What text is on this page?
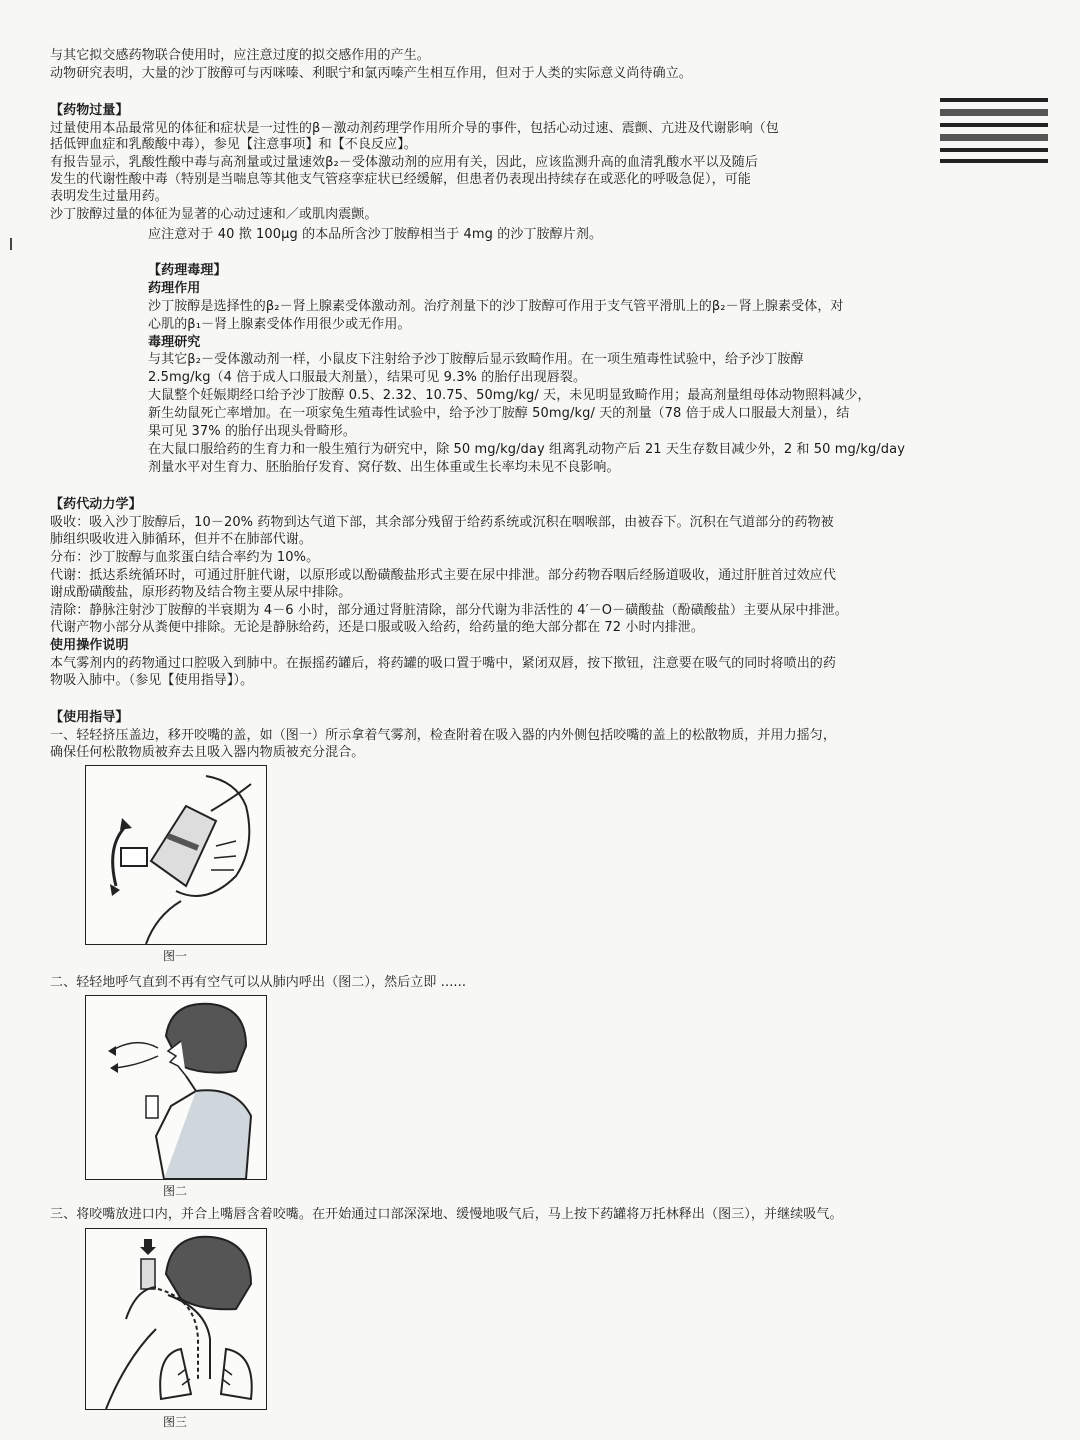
与其它拟交感药物联合使用时，应注意过度的拟交感作用的产生。
动物研究表明，大量的沙丁胺醇可与丙咪嗪、利眠宁和氯丙嗪产生相互作用，但对于人类的实际意义尚待确立。
【药物过量】
过量使用本品最常见的体征和症状是一过性的β－激动剂药理学作用所介导的事件，包括心动过速、震颤、亢进及代谢影响（包
括低钾血症和乳酸酸中毒），参见【注意事项】和【不良反应】。
有报告显示，乳酸性酸中毒与高剂量或过量速效β₂－受体激动剂的应用有关，因此，应该监测升高的血清乳酸水平以及随后
发生的代谢性酸中毒（特别是当喘息等其他支气管痉挛症状已经缓解，但患者仍表现出持续存在或恶化的呼吸急促），可能
表明发生过量用药。
沙丁胺醇过量的体征为显著的心动过速和／或肌肉震颤。
应注意对于 40 揿 100μg 的本品所含沙丁胺醇相当于 4mg 的沙丁胺醇片剂。
【药理毒理】
药理作用
沙丁胺醇是选择性的β₂－肾上腺素受体激动剂。治疗剂量下的沙丁胺醇可作用于支气管平滑肌上的β₂－肾上腺素受体，对
心肌的β₁－肾上腺素受体作用很少或无作用。
毒理研究
与其它β₂－受体激动剂一样，小鼠皮下注射给予沙丁胺醇后显示致畸作用。在一项生殖毒性试验中，给予沙丁胺醇
2.5mg/kg（4 倍于成人口服最大剂量），结果可见 9.3% 的胎仔出现唇裂。
大鼠整个妊娠期经口给予沙丁胺醇 0.5、2.32、10.75、50mg/kg/ 天，未见明显致畸作用；最高剂量组母体动物照料减少，
新生幼鼠死亡率增加。在一项家兔生殖毒性试验中，给予沙丁胺醇 50mg/kg/ 天的剂量（78 倍于成人口服最大剂量），结
果可见 37% 的胎仔出现头骨畸形。
在大鼠口服给药的生育力和一般生殖行为研究中，除 50 mg/kg/day 组离乳动物产后 21 天生存数目减少外，2 和 50 mg/kg/day
剂量水平对生育力、胚胎胎仔发育、窝仔数、出生体重或生长率均未见不良影响。
【药代动力学】
吸收：吸入沙丁胺醇后，10－20% 药物到达气道下部，其余部分残留于给药系统或沉积在咽喉部，由被吞下。沉积在气道部分的药物被
肺组织吸收进入肺循环，但并不在肺部代谢。
分布：沙丁胺醇与血浆蛋白结合率约为 10%。
代谢：抵达系统循环时，可通过肝脏代谢，以原形或以酚磺酸盐形式主要在尿中排泄。部分药物吞咽后经肠道吸收，通过肝脏首过效应代
谢成酚磺酸盐，原形药物及结合物主要从尿中排除。
清除：静脉注射沙丁胺醇的半衰期为 4－6 小时，部分通过肾脏清除，部分代谢为非活性的 4′－O－磺酸盐（酚磺酸盐）主要从尿中排泄。
代谢产物小部分从粪便中排除。无论是静脉给药，还是口服或吸入给药，给药量的绝大部分都在 72 小时内排泄。
使用操作说明
本气雾剂内的药物通过口腔吸入到肺中。在振摇药罐后，将药罐的吸口置于嘴中，紧闭双唇，按下揿钮，注意要在吸气的同时将喷出的药
物吸入肺中。（参见【使用指导】）。
【使用指导】
一、轻轻挤压盖边，移开咬嘴的盖，如（图一）所示拿着气雾剂，检查附着在吸入器的内外侧包括咬嘴的盖上的松散物质，并用力摇匀，
确保任何松散物质被弃去且吸入器内物质被充分混合。
图一
二、轻轻地呼气直到不再有空气可以从肺内呼出（图二），然后立即 ......
图二
三、将咬嘴放进口内，并合上嘴唇含着咬嘴。在开始通过口部深深地、缓慢地吸气后，马上按下药罐将万托林释出（图三），并继续吸气。
图三
